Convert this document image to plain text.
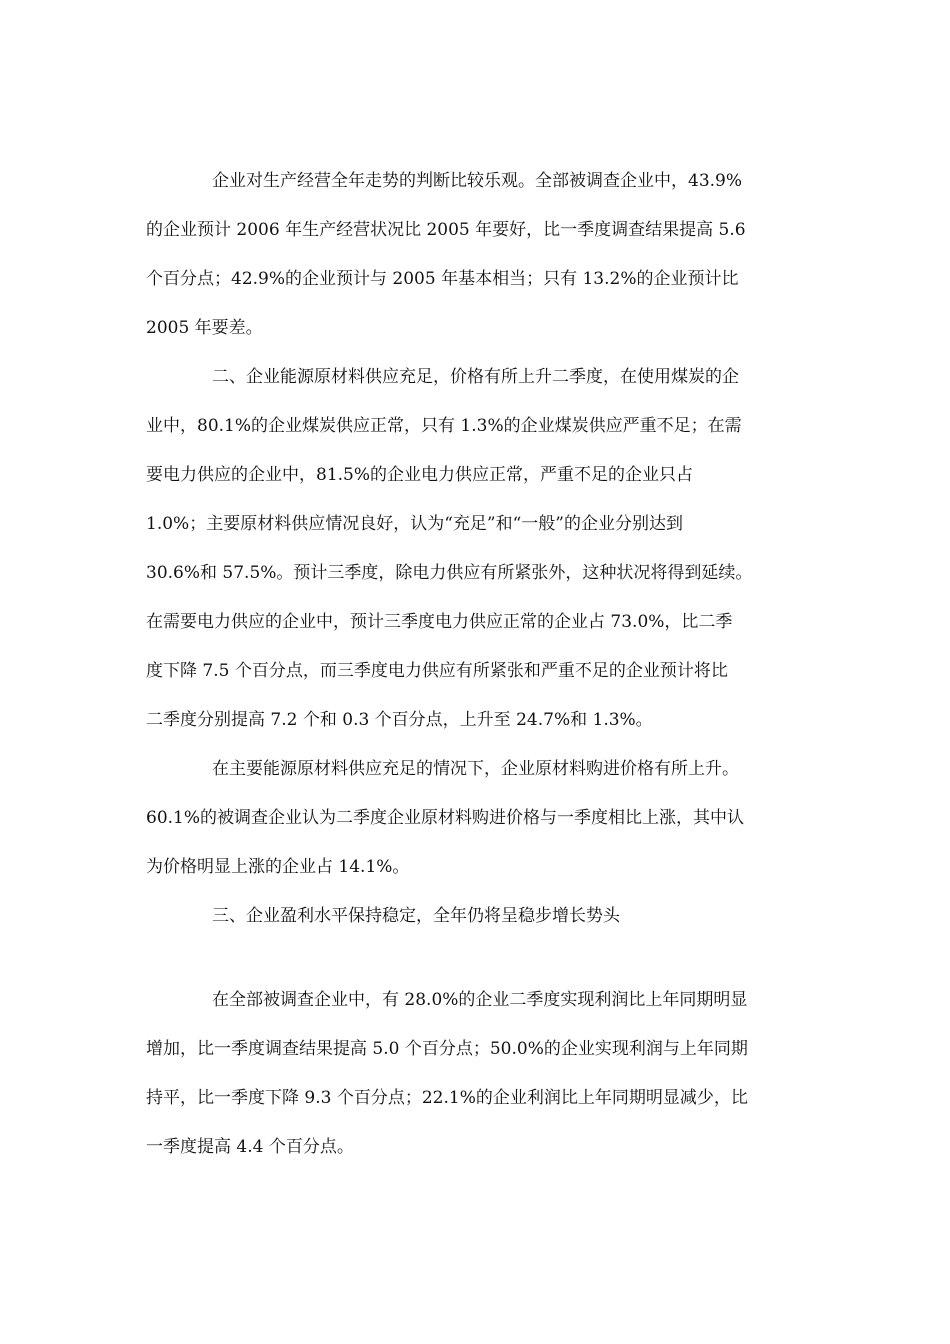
企业对生产经营全年走势的判断比较乐观。全部被调查企业中，43.9%
的企业预计 2006 年生产经营状况比 2005 年要好，比一季度调查结果提高 5.6
个百分点；42.9%的企业预计与 2005 年基本相当；只有 13.2%的企业预计比
2005 年要差。
二、企业能源原材料供应充足，价格有所上升二季度，在使用煤炭的企
业中，80.1%的企业煤炭供应正常，只有 1.3%的企业煤炭供应严重不足；在需
要电力供应的企业中，81.5%的企业电力供应正常，严重不足的企业只占
1.0%；主要原材料供应情况良好，认为“充足”和“一般”的企业分别达到
30.6%和 57.5%。预计三季度，除电力供应有所紧张外，这种状况将得到延续。
在需要电力供应的企业中，预计三季度电力供应正常的企业占 73.0%，比二季
度下降 7.5 个百分点，而三季度电力供应有所紧张和严重不足的企业预计将比
二季度分别提高 7.2 个和 0.3 个百分点，上升至 24.7%和 1.3%。
在主要能源原材料供应充足的情况下，企业原材料购进价格有所上升。
60.1%的被调查企业认为二季度企业原材料购进价格与一季度相比上涨，其中认
为价格明显上涨的企业占 14.1%。
三、企业盈利水平保持稳定，全年仍将呈稳步增长势头
在全部被调查企业中，有 28.0%的企业二季度实现利润比上年同期明显
增加，比一季度调查结果提高 5.0 个百分点；50.0%的企业实现利润与上年同期
持平，比一季度下降 9.3 个百分点；22.1%的企业利润比上年同期明显减少，比
一季度提高 4.4 个百分点。
